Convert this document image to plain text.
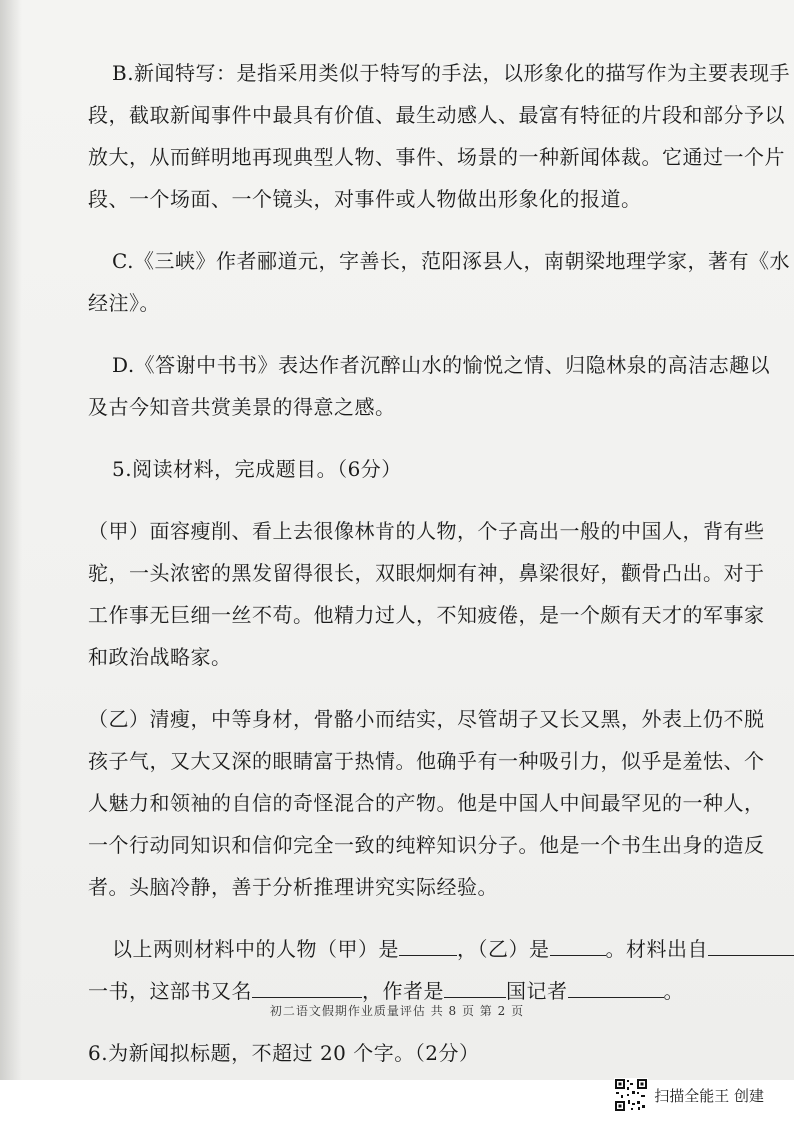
B.新闻特写：是指采用类似于特写的手法，以形象化的描写作为主要表现手
段，截取新闻事件中最具有价值、最生动感人、最富有特征的片段和部分予以
放大，从而鲜明地再现典型人物、事件、场景的一种新闻体裁。它通过一个片
段、一个场面、一个镜头，对事件或人物做出形象化的报道。
C.《三峡》作者郦道元，字善长，范阳涿县人，南朝梁地理学家，著有《水
经注》。
D.《答谢中书书》表达作者沉醉山水的愉悦之情、归隐林泉的高洁志趣以
及古今知音共赏美景的得意之感。
5.阅读材料，完成题目。（6分）
（甲）面容瘦削、看上去很像林肯的人物，个子高出一般的中国人，背有些
驼，一头浓密的黑发留得很长，双眼炯炯有神，鼻梁很好，颧骨凸出。对于
工作事无巨细一丝不苟。他精力过人，不知疲倦，是一个颇有天才的军事家
和政治战略家。
（乙）清瘦，中等身材，骨骼小而结实，尽管胡子又长又黑，外表上仍不脱
孩子气，又大又深的眼睛富于热情。他确乎有一种吸引力，似乎是羞怯、个
人魅力和领袖的自信的奇怪混合的产物。他是中国人中间最罕见的一种人，
一个行动同知识和信仰完全一致的纯粹知识分子。他是一个书生出身的造反
者。头脑冷静，善于分析推理讲究实际经验。
以上两则材料中的人物（甲）是	，（乙）是	。材料出自
一书，这部书又名	，作者是	国记者	。
6.为新闻拟标题，不超过 20 个字。（2分）
初二语文假期作业质量评估 共 8 页 第 2 页
扫描全能王 创建
